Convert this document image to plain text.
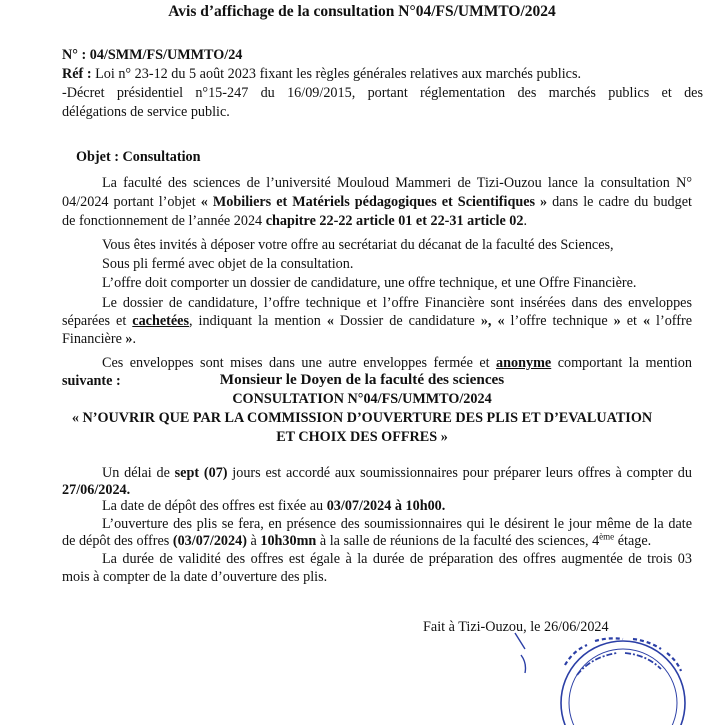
Avis d’affichage de la consultation N°04/FS/UMMTO/2024
N° : 04/SMM/FS/UMMTO/24
Réf : Loi n° 23-12 du 5 août 2023 fixant les règles générales relatives aux marchés publics.
-Décret présidentiel n°15-247 du 16/09/2015, portant réglementation des marchés publics et des
délégations de service public.
Objet : Consultation
La faculté des sciences de l’université Mouloud Mammeri de Tizi-Ouzou lance la consultation N°
04/2024 portant l’objet « Mobiliers et Matériels pédagogiques et Scientifiques » dans le cadre du budget
de fonctionnement de l’année 2024 chapitre 22-22 article 01 et 22-31 article 02.
Vous êtes invités à déposer votre offre au secrétariat du décanat de la faculté des Sciences,
Sous pli fermé avec objet de la consultation.
L’offre doit comporter un dossier de candidature, une offre technique, et une Offre Financière.
Le dossier de candidature, l’offre technique et l’offre Financière sont insérées dans des enveloppes
séparées et cachetées, indiquant la mention « Dossier de candidature », « l’offre technique » et « l’offre
Financière ».
Ces enveloppes sont mises dans une autre enveloppes fermée et anonyme comportant la mention
suivante :	Monsieur le Doyen de la faculté des sciences
CONSULTATION N°04/FS/UMMTO/2024
« N’OUVRIR QUE PAR LA COMMISSION D’OUVERTURE DES PLIS ET D’EVALUATION
ET CHOIX DES OFFRES »
Un délai de sept (07) jours est accordé aux soumissionnaires pour préparer leurs offres à compter du
27/06/2024.
La date de dépôt des offres est fixée au 03/07/2024 à 10h00.
L’ouverture des plis se fera, en présence des soumissionnaires qui le désirent le jour même de la date
de dépôt des offres (03/07/2024) à 10h30mn à la salle de réunions de la faculté des sciences, 4ème étage.
La durée de validité des offres est égale à la durée de préparation des offres augmentée de trois 03
mois à compter de la date d’ouverture des plis.
Fait à Tizi-Ouzou, le 26/06/2024
